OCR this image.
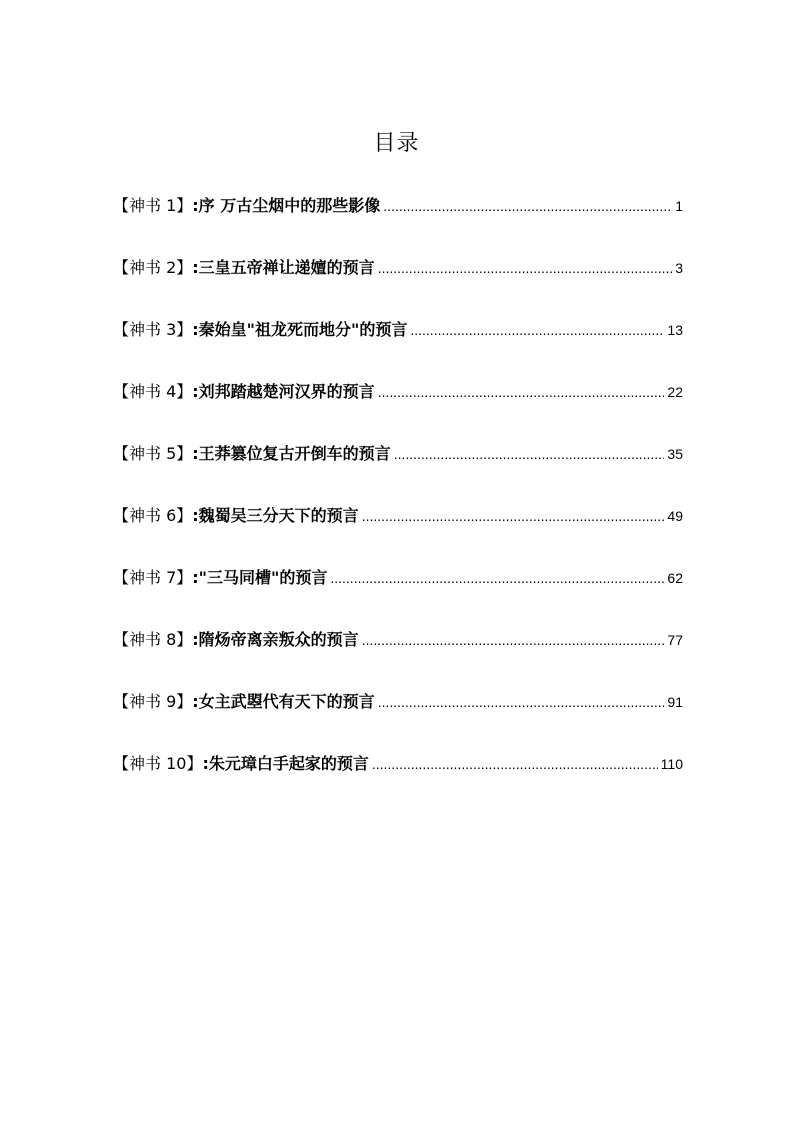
目录
【神书 1】 :序 万古尘烟中的那些影像 .....	1
【神书 2】 :三皇五帝禅让递嬗的预言 .....	3
【神书 3】 :秦始皇"祖龙死而地分"的预言 .....	13
【神书 4】 :刘邦踏越楚河汉界的预言 .....	22
【神书 5】 :王莽篡位复古开倒车的预言 .....	35
【神书 6】 :魏蜀吴三分天下的预言 .....	49
【神书 7】 :"三马同槽"的预言 .....	62
【神书 8】 :隋炀帝离亲叛众的预言 .....	77
【神书 9】 :女主武曌代有天下的预言 .....	91
【神书 10】 :朱元璋白手起家的预言 .....	110
